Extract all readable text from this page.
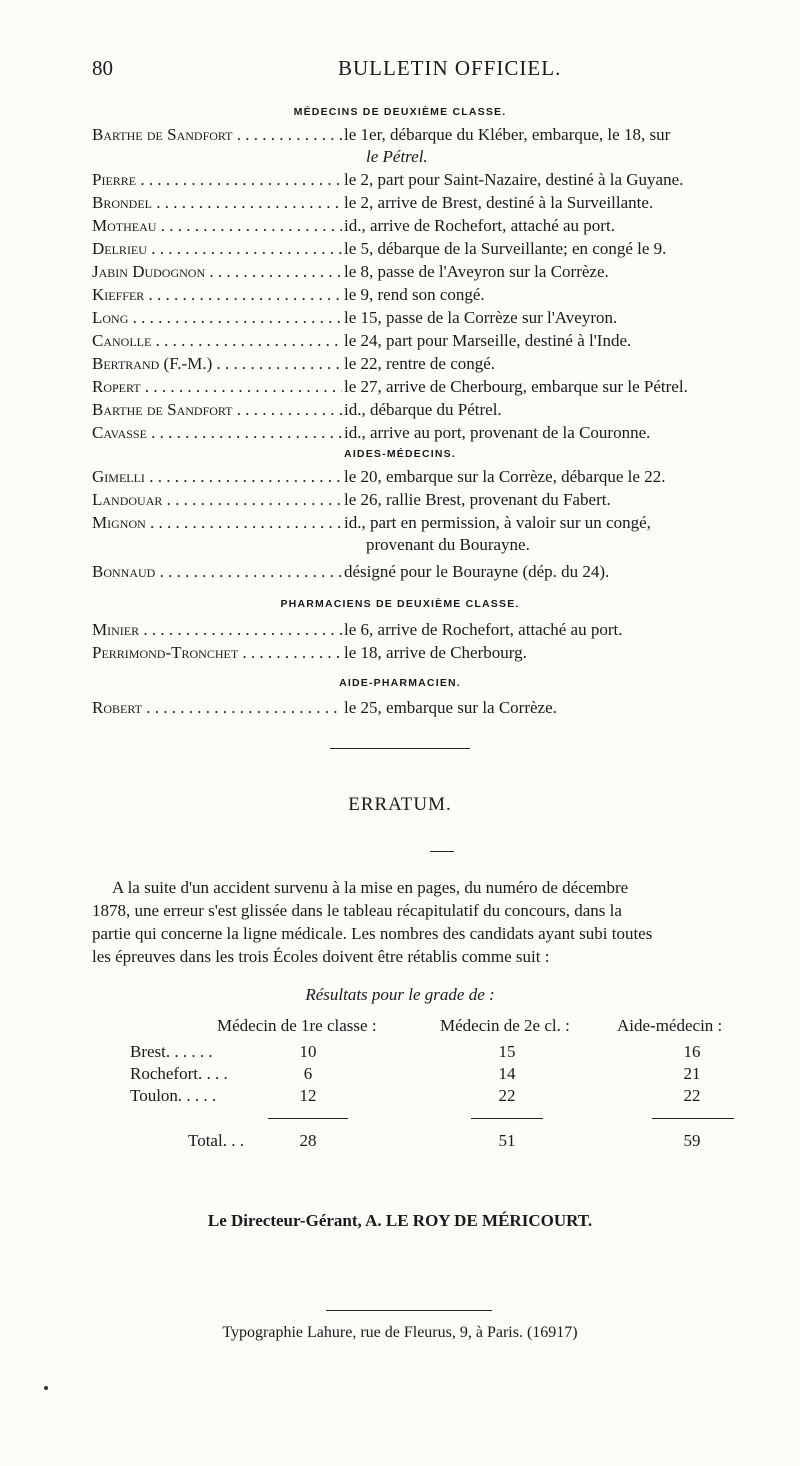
80	BULLETIN OFFICIEL.
MÉDECINS DE DEUXIÈME CLASSE.
Barthe de Sandfort . . .	le 1er, débarque du Kléber, embarque, le 18, sur
le Pétrel.
Pierre . . .	le 2, part pour Saint-Nazaire, destiné à la Guyane.
Brondel . . .	le 2, arrive de Brest, destiné à la Surveillante.
Motheau . . .	id., arrive de Rochefort, attaché au port.
Delrieu . . .	le 5, débarque de la Surveillante; en congé le 9.
Jabin Dudognon . . .	le 8, passe de l'Aveyron sur la Corrèze.
Kieffer . . .	le 9, rend son congé.
Long . . .	le 15, passe de la Corrèze sur l'Aveyron.
Canolle . . .	le 24, part pour Marseille, destiné à l'Inde.
Bertrand (F.-M.) . . .	le 22, rentre de congé.
Ropert . . .	le 27, arrive de Cherbourg, embarque sur le Pétrel.
Barthe de Sandfort . . .	id., débarque du Pétrel.
Cavasse . . .	id., arrive au port, provenant de la Couronne.
AIDES-MÉDECINS.
Gimelli . . .	le 20, embarque sur la Corrèze, débarque le 22.
Landouar . . .	le 26, rallie Brest, provenant du Fabert.
Mignon . . .	id., part en permission, à valoir sur un congé,
provenant du Bourayne.
Bonnaud . . .	désigné pour le Bourayne (dép. du 24).
PHARMACIENS DE DEUXIÈME CLASSE.
Minier . . .	le 6, arrive de Rochefort, attaché au port.
Perrimond-Tronchet . . .	le 18, arrive de Cherbourg.
AIDE-PHARMACIEN.
Robert . . .	le 25, embarque sur la Corrèze.
ERRATUM.
A la suite d'un accident survenu à la mise en pages, du numéro de décembre
1878, une erreur s'est glissée dans le tableau récapitulatif du concours, dans la
partie qui concerne la ligne médicale. Les nombres des candidats ayant subi toutes
les épreuves dans les trois Écoles doivent être rétablis comme suit :
Résultats pour le grade de :
Médecin de 1re classe :	Médecin de 2e cl. :	Aide-médecin :
Brest. . . . . .	10	15	16
Rochefort. . . .	6	14	21
Toulon. . . . .	12	22	22
Total. . .	28	51	59
Le Directeur-Gérant, A. LE ROY DE MÉRICOURT.
Typographie Lahure, rue de Fleurus, 9, à Paris. (16917)
